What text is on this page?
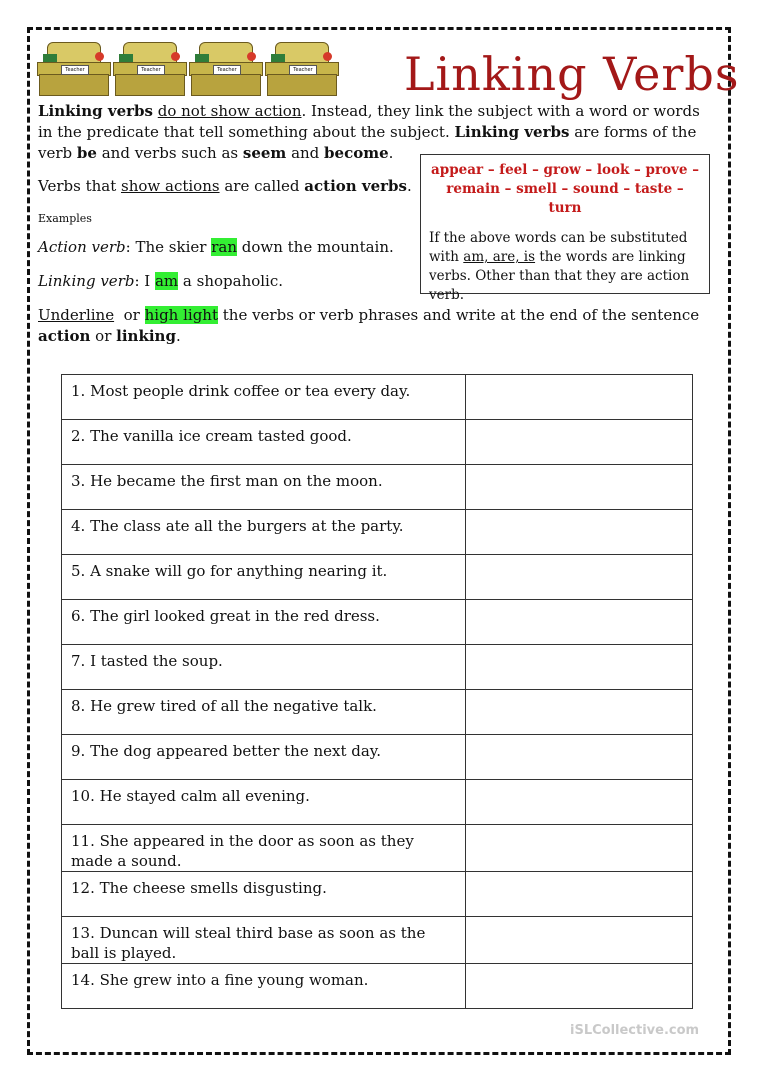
Teacher	Teacher	Teacher	Teacher Linking Verbs
Linking verbs do not show action. Instead, they link the subject with a word or words in the predicate that tell something about the subject. Linking verbs are forms of the verb be and verbs such as seem and become.
Verbs that show actions are called action verbs.
Examples
Action verb: The skier ran down the mountain.
Linking verb: I am a shopaholic.
appear – feel – grow – look – prove –
remain – smell – sound – taste – turn
If the above words can be substituted with am, are, is the words are linking verbs. Other than that they are action verb.
Underline  or high light the verbs or verb phrases and write at the end of the sentence action or linking.
1. Most people drink coffee or tea every day.	
2. The vanilla ice cream tasted good.	
3. He became the first man on the moon.	
4. The class ate all the burgers at the party.	
5. A snake will go for anything nearing it.	
6. The girl looked great in the red dress.	
7. I tasted the soup.	
8. He grew tired of all the negative talk.	
9. The dog appeared better the next day.	
10. He stayed calm all evening.	
11. She appeared in the door as soon as they made a sound.	
12. The cheese smells disgusting.	
13. Duncan will steal third base as soon as the ball is played.	
14. She grew into a fine young woman.	
iSLCollective.com
